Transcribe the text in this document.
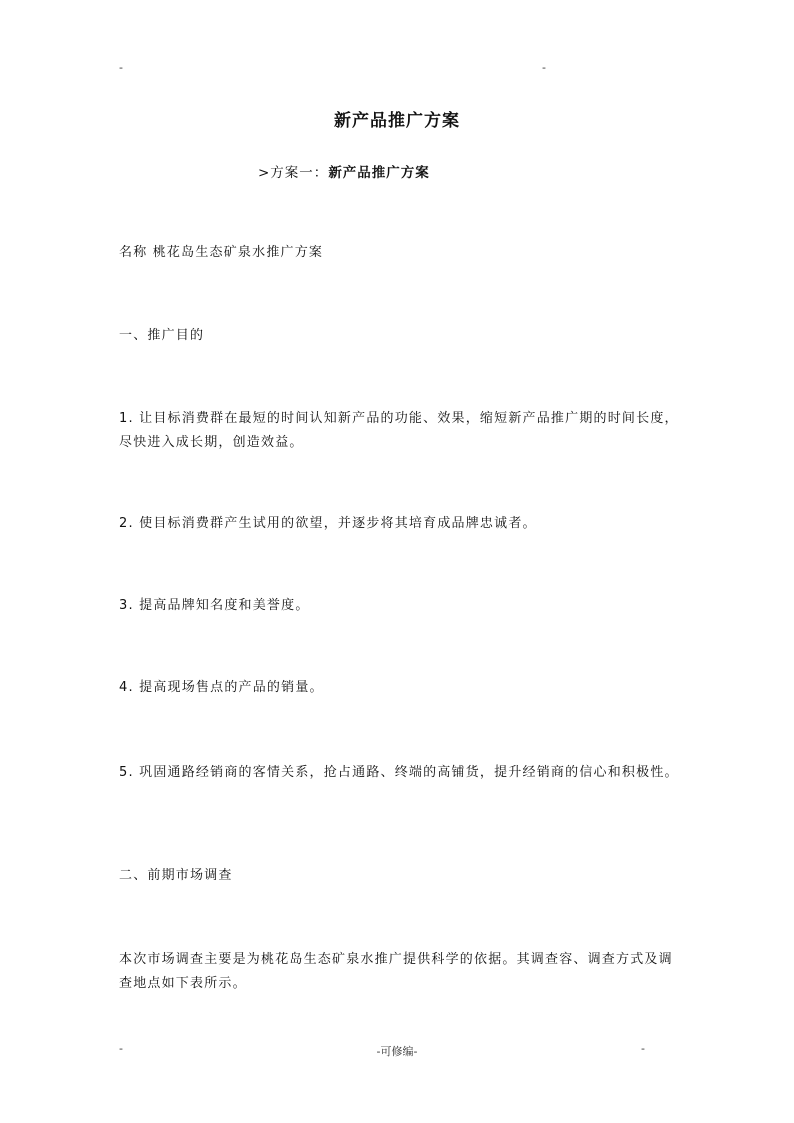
-	-
新产品推广方案
>方案一：新产品推广方案
名称 桃花岛生态矿泉水推广方案
一、推广目的
1. 让目标消费群在最短的时间认知新产品的功能、效果，缩短新产品推广期的时间长度，尽快进入成长期，创造效益。
2. 使目标消费群产生试用的欲望，并逐步将其培育成品牌忠诚者。
3. 提高品牌知名度和美誉度。
4. 提高现场售点的产品的销量。
5. 巩固通路经销商的客情关系，抢占通路、终端的高铺货，提升经销商的信心和积极性。
二、前期市场调查
本次市场调查主要是为桃花岛生态矿泉水推广提供科学的依据。其调查容、调查方式及调查地点如下表所示。
-	-可修编-	-
